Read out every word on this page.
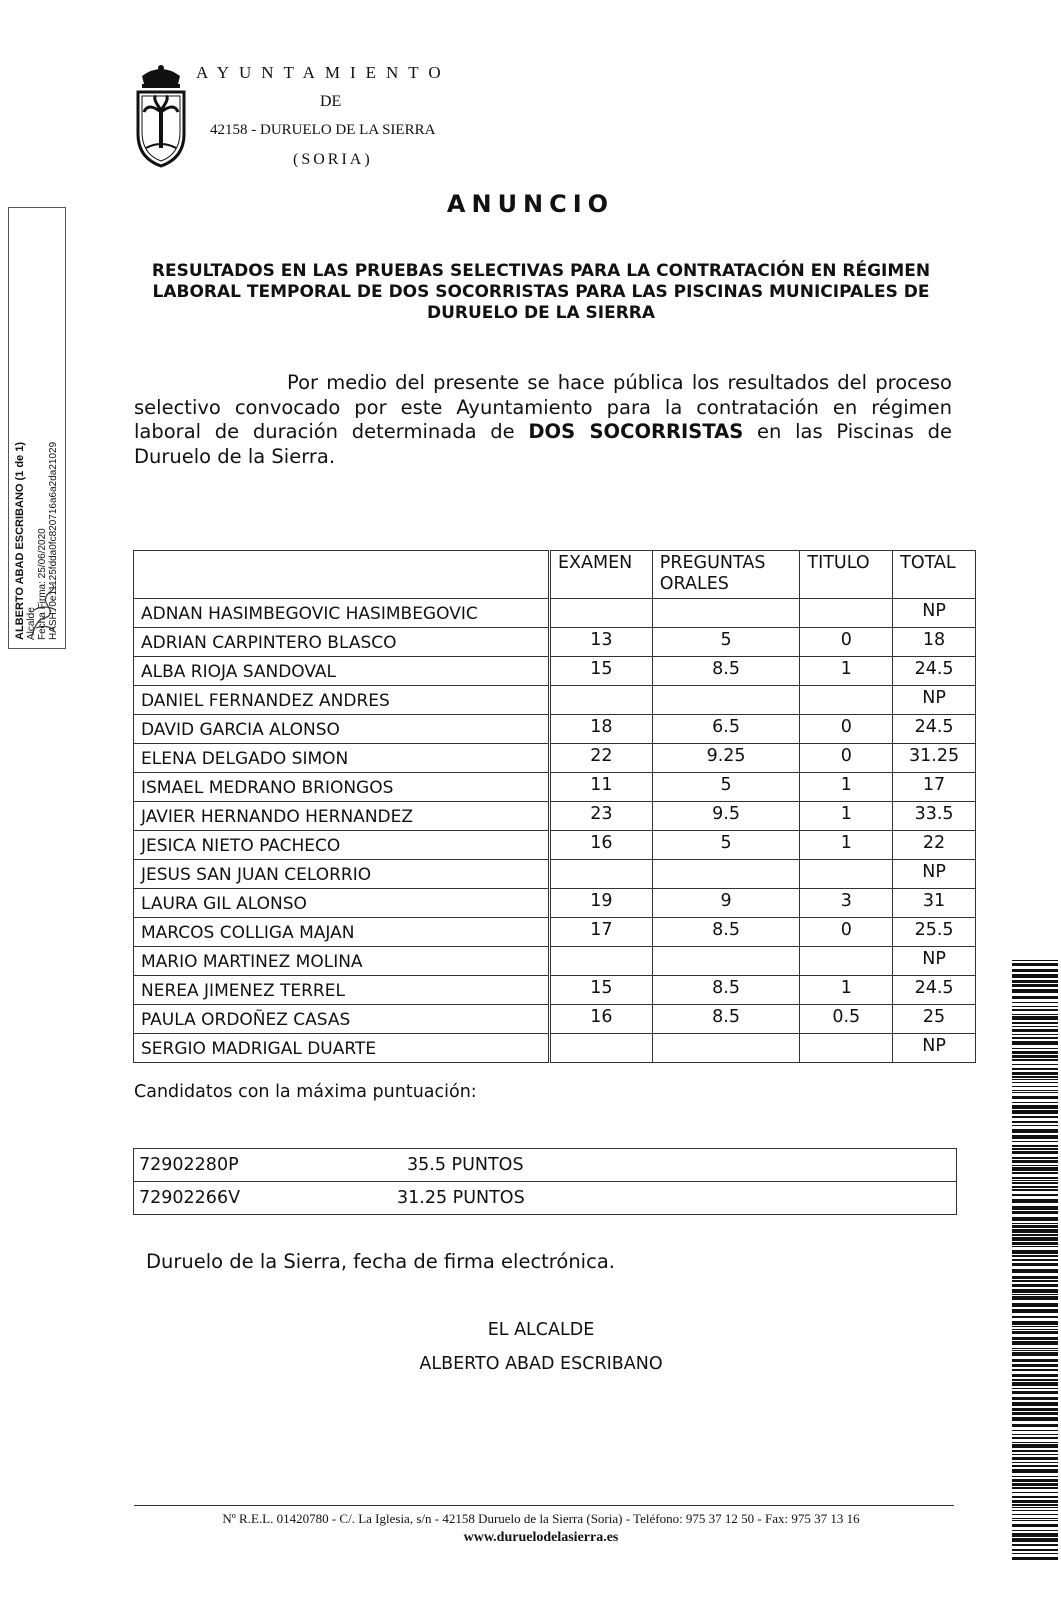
AYUNTAMIENTO
DE
42158 - DURUELO DE LA SIERRA
(SORIA)
ANUNCIO
RESULTADOS EN LAS PRUEBAS SELECTIVAS PARA LA CONTRATACIÓN EN RÉGIMEN LABORAL TEMPORAL DE DOS SOCORRISTAS PARA LAS PISCINAS MUNICIPALES DE DURUELO DE LA SIERRA

Por medio del presente se hace pública los resultados del proceso selectivo convocado por este Ayuntamiento para la contratación en régimen laboral de duración determinada de DOS SOCORRISTAS en las Piscinas de Duruelo de la Sierra.

	EXAMEN	PREGUNTAS ORALES	TITULO	TOTAL
ADNAN HASIMBEGOVIC HASIMBEGOVIC				NP
ADRIAN CARPINTERO BLASCO	13	5	0	18
ALBA RIOJA SANDOVAL	15	8.5	1	24.5
DANIEL FERNANDEZ ANDRES				NP
DAVID GARCIA ALONSO	18	6.5	0	24.5
ELENA DELGADO SIMON	22	9.25	0	31.25
ISMAEL MEDRANO BRIONGOS	11	5	1	17
JAVIER HERNANDO HERNANDEZ	23	9.5	1	33.5
JESICA NIETO PACHECO	16	5	1	22
JESUS SAN JUAN CELORRIO				NP
LAURA GIL ALONSO	19	9	3	31
MARCOS COLLIGA MAJAN	17	8.5	0	25.5
MARIO MARTINEZ MOLINA				NP
NEREA JIMENEZ TERREL	15	8.5	1	24.5
PAULA ORDOÑEZ CASAS	16	8.5	0.5	25
SERGIO MADRIGAL DUARTE				NP
Candidatos con la máxima puntuación:
72902280P	35.5 PUNTOS
72902266V	31.25 PUNTOS
Duruelo de la Sierra, fecha de firma electrónica.
EL ALCALDE
ALBERTO ABAD ESCRIBANO
Nº R.E.L. 01420780 - C/. La Iglesia, s/n - 42158 Duruelo de la Sierra (Soria) - Teléfono: 975 37 12 50 - Fax: 975 37 13 16
www.duruelodelasierra.es
ALBERTO ABAD ESCRIBANO (1 de 1) Alcalde Fecha Firma: 25/06/2020 HASH: 0e11125fdda0fc820716a6a2da21029
